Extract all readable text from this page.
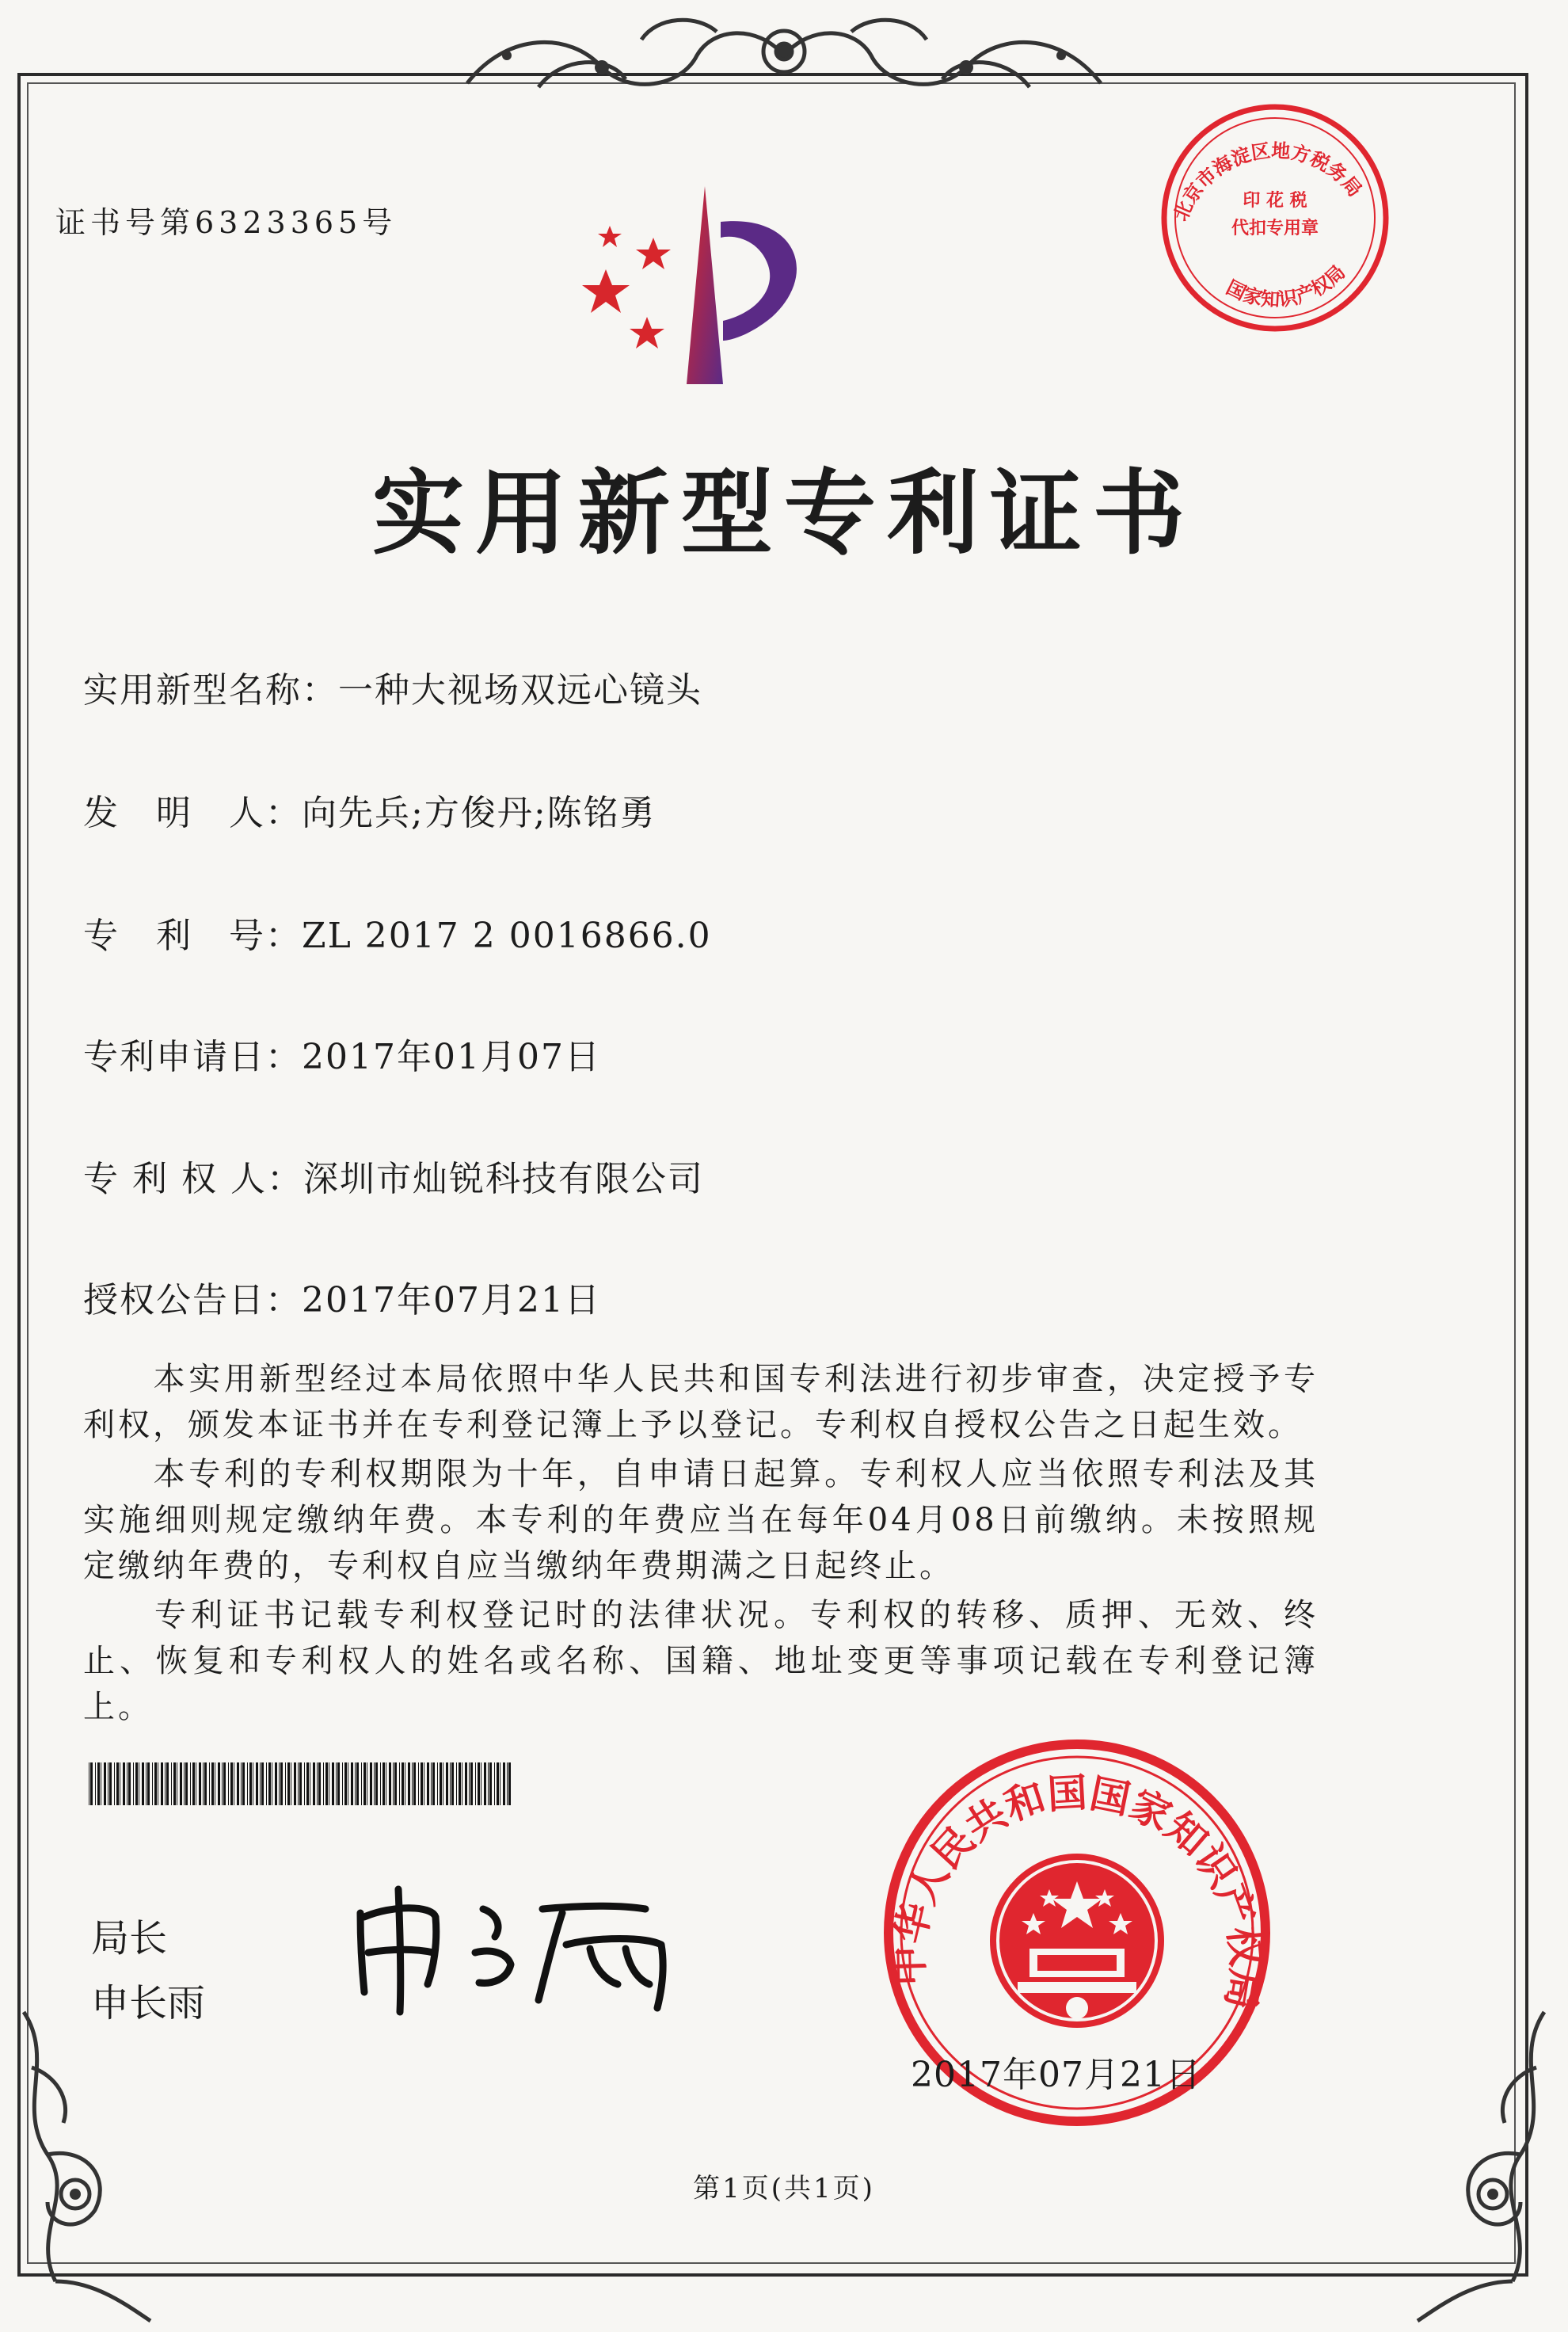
证书号第6323365号
实用新型专利证书
实用新型名称：一种大视场双远心镜头
发　明　人：向先兵;方俊丹;陈铭勇
专　利　号：ZL 2017 2 0016866.0
专利申请日：2017年01月07日
专 利 权 人：深圳市灿锐科技有限公司
授权公告日：2017年07月21日
本实用新型经过本局依照中华人民共和国专利法进行初步审查，决定授予专利权，颁发本证书并在专利登记簿上予以登记。专利权自授权公告之日起生效。
本专利的专利权期限为十年，自申请日起算。专利权人应当依照专利法及其实施细则规定缴纳年费。本专利的年费应当在每年04月08日前缴纳。未按照规定缴纳年费的，专利权自应当缴纳年费期满之日起终止。
专利证书记载专利权登记时的法律状况。专利权的转移、质押、无效、终止、恢复和专利权人的姓名或名称、国籍、地址变更等事项记载在专利登记簿上。
局长
申长雨
印 花 税
代扣专用章
北京市海淀区地方税务局
国家知识产权局
中华人民共和国国家知识产权局
2017年07月21日
第1页(共1页)
